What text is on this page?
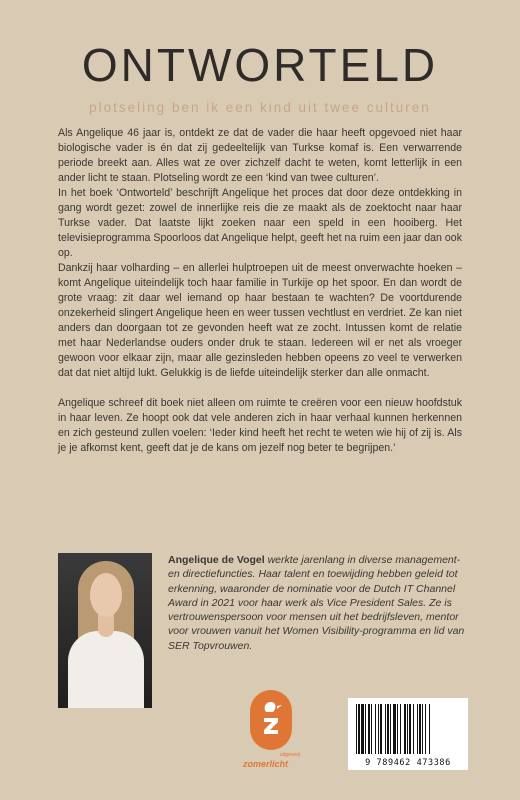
ONTWORTELD
plotseling ben ik een kind uit twee culturen

Als Angelique 46 jaar is, ontdekt ze dat de vader die haar heeft opgevoed niet haar biologische vader is én dat zij gedeeltelijk van Turkse komaf is. Een verwarrende periode breekt aan. Alles wat ze over zichzelf dacht te weten, komt letterlijk in een ander licht te staan. Plotseling wordt ze een ‘kind van twee culturen’.

In het boek ‘Ontworteld’ beschrijft Angelique het proces dat door deze ontdekking in gang wordt gezet: zowel de innerlijke reis die ze maakt als de zoektocht naar haar Turkse vader. Dat laatste lijkt zoeken naar een speld in een hooiberg. Het televisieprogramma Spoorloos dat Angelique helpt, geeft het na ruim een jaar dan ook op.

Dankzij haar volharding – en allerlei hulptroepen uit de meest onverwachte hoeken – komt Angelique uiteindelijk toch haar familie in Turkije op het spoor. En dan wordt de grote vraag: zit daar wel iemand op haar bestaan te wachten? De voortdurende onzekerheid slingert Angelique heen en weer tussen vechtlust en verdriet. Ze kan niet anders dan doorgaan tot ze gevonden heeft wat ze zocht. Intussen komt de relatie met haar Nederlandse ouders onder druk te staan. Iedereen wil er net als vroeger gewoon voor elkaar zijn, maar alle gezinsleden hebben opeens zo veel te verwerken dat dat niet altijd lukt. Gelukkig is de liefde uiteindelijk sterker dan alle onmacht.

Angelique schreef dit boek niet alleen om ruimte te creëren voor een nieuw hoofdstuk in haar leven. Ze hoopt ook dat vele anderen zich in haar verhaal kunnen herkennen en zich gesteund zullen voelen: ‘Ieder kind heeft het recht te weten wie hij of zij is. Als je je afkomst kent, geeft dat je de kans om jezelf nog beter te begrijpen.’

Angelique de Vogel werkte jarenlang in diverse management- en directiefuncties. Haar talent en toewijding hebben geleid tot erkenning, waaronder de nominatie voor de Dutch IT Channel Award in 2021 voor haar werk als Vice President Sales. Ze is vertrouwenspersoon voor mensen uit het bedrijfsleven, mentor voor vrouwen vanuit het Women Visibility-programma en lid van SER Topvrouwen.
uitgeverij
zomerlicht	9 789462 473386
